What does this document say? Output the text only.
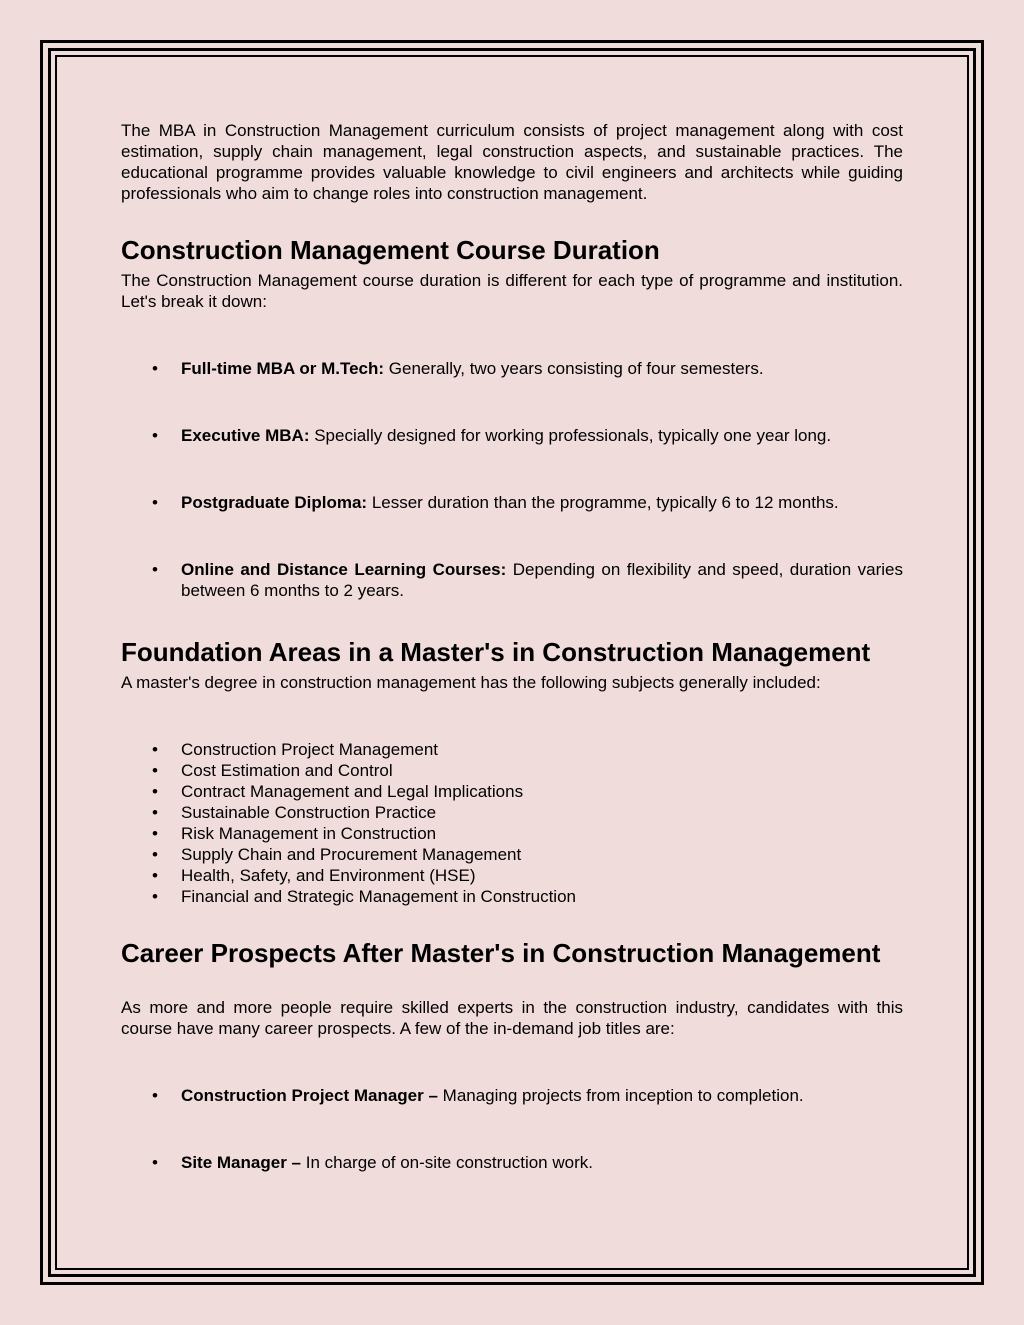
The MBA in Construction Management curriculum consists of project management along with cost estimation, supply chain management, legal construction aspects, and sustainable practices. The educational programme provides valuable knowledge to civil engineers and architects while guiding professionals who aim to change roles into construction management.

Construction Management Course Duration

The Construction Management course duration is different for each type of programme and institution. Let's break it down:

• Full-time MBA or M.Tech: Generally, two years consisting of four semesters.
• Executive MBA: Specially designed for working professionals, typically one year long.
• Postgraduate Diploma: Lesser duration than the programme, typically 6 to 12 months.
• Online and Distance Learning Courses: Depending on flexibility and speed, duration varies between 6 months to 2 years.
Foundation Areas in a Master's in Construction Management

A master's degree in construction management has the following subjects generally included:

• Construction Project Management
• Cost Estimation and Control
• Contract Management and Legal Implications
• Sustainable Construction Practice
• Risk Management in Construction
• Supply Chain and Procurement Management
• Health, Safety, and Environment (HSE)
• Financial and Strategic Management in Construction
Career Prospects After Master's in Construction Management

As more and more people require skilled experts in the construction industry, candidates with this course have many career prospects. A few of the in-demand job titles are:

• Construction Project Manager – Managing projects from inception to completion.
• Site Manager – In charge of on-site construction work.
